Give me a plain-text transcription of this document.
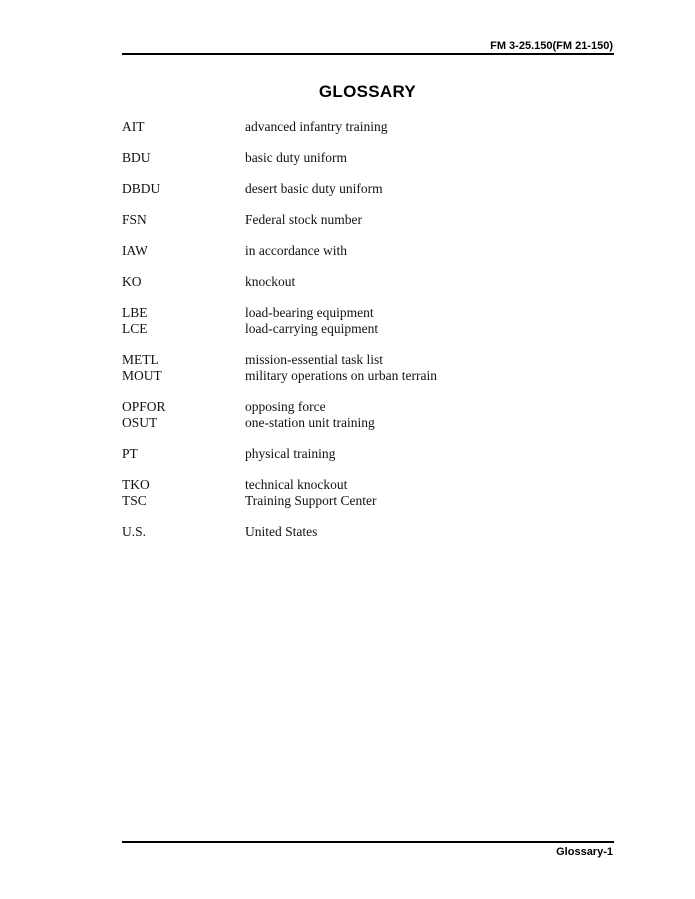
FM 3-25.150(FM 21-150)
GLOSSARY
AIT	advanced infantry training
BDU	basic duty uniform
DBDU	desert basic duty uniform
FSN	Federal stock number
IAW	in accordance with
KO	knockout
LBE	load-bearing equipment
LCE	load-carrying equipment
METL	mission-essential task list
MOUT	military operations on urban terrain
OPFOR	opposing force
OSUT	one-station unit training
PT	physical training
TKO	technical knockout
TSC	Training Support Center
U.S.	United States
Glossary-1
